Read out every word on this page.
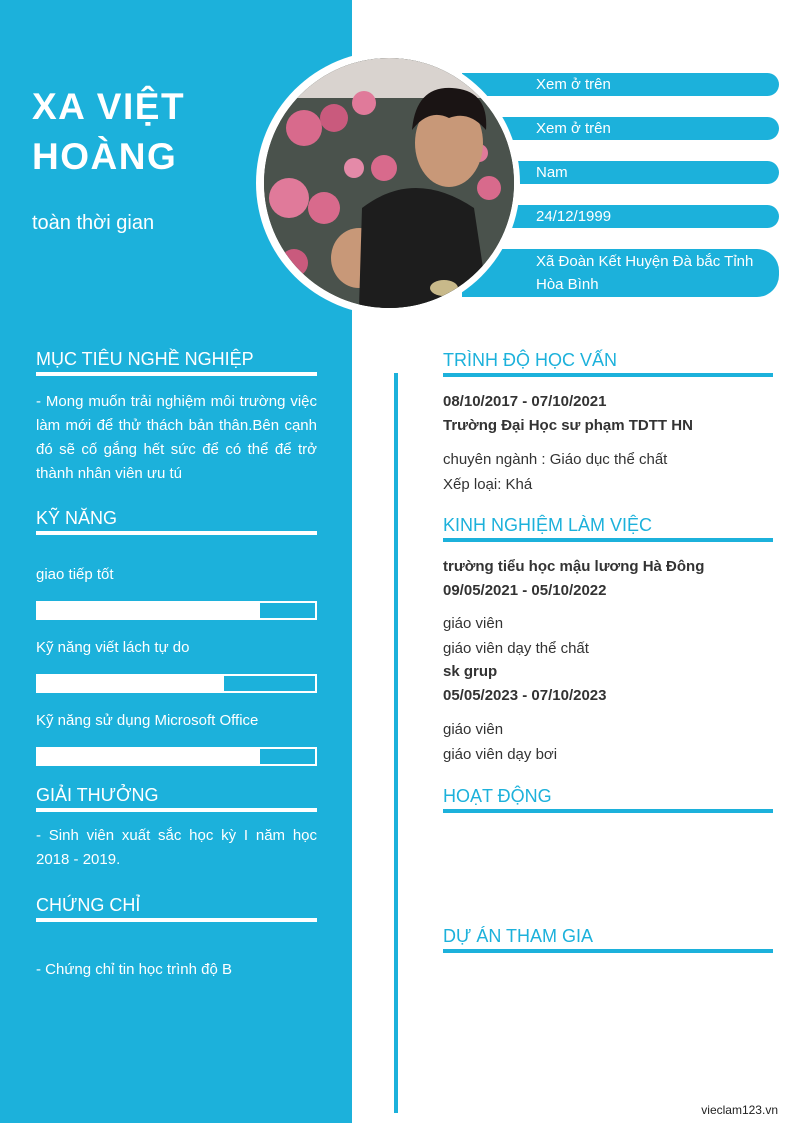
XA VIỆT
HOÀNG
toàn thời gian
Xem ở trên
Xem ở trên
Nam
24/12/1999
Xã Đoàn Kết Huyện Đà bắc Tỉnh Hòa Bình
MỤC TIÊU NGHỀ NGHIỆP
- Mong muốn trải nghiệm môi trường việc làm mới để thử thách bản thân.Bên cạnh đó sẽ cố gắng hết sức để có thể để trở thành nhân viên ưu tú
KỸ NĂNG
giao tiếp tốt
Kỹ năng viết lách tự do
Kỹ năng sử dụng Microsoft Office
GIẢI THƯỞNG
- Sinh viên xuất sắc học kỳ I năm học 2018 - 2019.
CHỨNG CHỈ
- Chứng chỉ tin học trình độ B
TRÌNH ĐỘ HỌC VẤN
08/10/2017 - 07/10/2021
Trường Đại Học sư phạm TDTT HN
chuyên ngành : Giáo dục thể chất
Xếp loại: Khá
KINH NGHIỆM LÀM VIỆC
trường tiểu học mậu lương Hà Đông
09/05/2021 - 05/10/2022
giáo viên
giáo viên dạy thể chất
sk grup
05/05/2023 - 07/10/2023
giáo viên
giáo viên dạy bơi
HOẠT ĐỘNG
DỰ ÁN THAM GIA
vieclam123.vn
